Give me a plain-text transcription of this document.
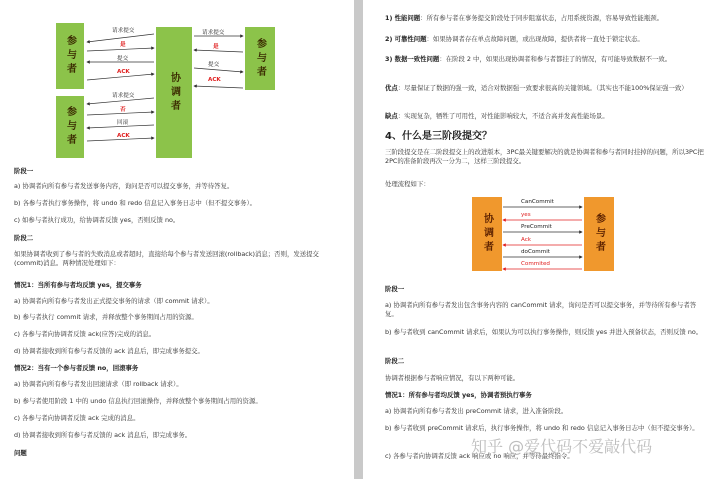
参与者
参与者
协调者
参与者
请求提交
是
提交
ACK
请求提交
否
回滚
ACK
请求提交
是
提交
ACK
阶段一
a) 协调者向所有参与者发送事务内容，询问是否可以提交事务，并等待答复。
b) 各参与者执行事务操作，将 undo 和 redo 信息记入事务日志中（但不提交事务）。
c) 如参与者执行成功，给协调者反馈 yes，否则反馈 no。
阶段二
如果协调者收到了参与者的失败消息或者超时，直接给每个参与者发送回滚(rollback)消息；否则，发送提交(commit)消息。两种情况处理如下：
情况1：当所有参与者均反馈 yes，提交事务
a) 协调者向所有参与者发出正式提交事务的请求（即 commit 请求）。
b) 参与者执行 commit 请求，并释放整个事务期间占用的资源。
c) 各参与者向协调者反馈 ack(应答)完成的消息。
d) 协调者接收到所有参与者反馈的 ack 消息后，即完成事务提交。
情况2：当有一个参与者反馈 no，回滚事务
a) 协调者向所有参与者发出回滚请求（即 rollback 请求）。
b) 参与者使用阶段 1 中的 undo 信息执行回滚操作，并释放整个事务期间占用的资源。
c) 各参与者向协调者反馈 ack 完成的消息。
d) 协调者接收到所有参与者反馈的 ack 消息后，即完成事务。
问题
1) 性能问题：所有参与者在事务提交阶段处于同步阻塞状态，占用系统资源，容易导致性能瓶颈。
2) 可靠性问题：如果协调者存在单点故障问题，或出现故障，提供者将一直处于锁定状态。
3) 数据一致性问题：在阶段 2 中，如果出现协调者和参与者都挂了的情况，有可能导致数据不一致。
优点：尽量保证了数据的强一致，适合对数据强一致要求很高的关键领域。（其实也不能100%保证强一致）
缺点：实现复杂，牺牲了可用性，对性能影响较大，不适合高并发高性能场景。
4、什么是三阶段提交？
三阶段提交是在二阶段提交上的改进版本，3PC最关键要解决的就是协调者和参与者同时挂掉的问题，所以3PC把2PC的准备阶段再次一分为二，这样三阶段提交。
处理流程如下：
协调者	参与者
CanCommit
yes
PreCommit
Ack
doCommit
Commited
阶段一
a) 协调者向所有参与者发出包含事务内容的 canCommit 请求，询问是否可以提交事务，并等待所有参与者答复。
b) 参与者收到 canCommit 请求后，如果认为可以执行事务操作，则反馈 yes 并进入预备状态，否则反馈 no。
阶段二
协调者根据参与者响应情况，有以下两种可能。
情况1：所有参与者均反馈 yes，协调者预执行事务
a) 协调者向所有参与者发出 preCommit 请求，进入准备阶段。
b) 参与者收到 preCommit 请求后，执行事务操作，将 undo 和 redo 信息记入事务日志中（但不提交事务）。
c) 各参与者向协调者反馈 ack 响应或 no 响应，并等待最终指令。
知乎 @爱代码不爱敲代码
